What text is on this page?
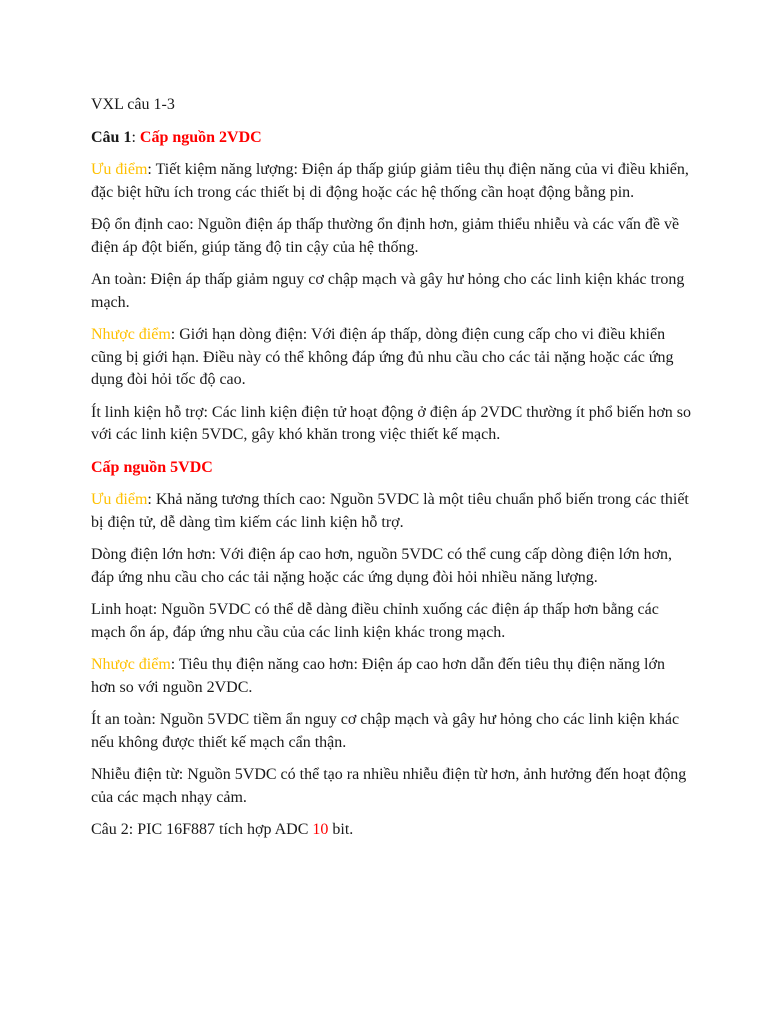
VXL câu 1-3

Câu 1: Cấp nguồn 2VDC

Ưu điểm: Tiết kiệm năng lượng: Điện áp thấp giúp giảm tiêu thụ điện năng của vi điều khiển, đặc biệt hữu ích trong các thiết bị di động hoặc các hệ thống cần hoạt động bằng pin.

Độ ổn định cao: Nguồn điện áp thấp thường ổn định hơn, giảm thiểu nhiễu và các vấn đề về điện áp đột biến, giúp tăng độ tin cậy của hệ thống.

An toàn: Điện áp thấp giảm nguy cơ chập mạch và gây hư hỏng cho các linh kiện khác trong mạch.

Nhược điểm: Giới hạn dòng điện: Với điện áp thấp, dòng điện cung cấp cho vi điều khiển cũng bị giới hạn. Điều này có thể không đáp ứng đủ nhu cầu cho các tải nặng hoặc các ứng dụng đòi hỏi tốc độ cao.

Ít linh kiện hỗ trợ: Các linh kiện điện tử hoạt động ở điện áp 2VDC thường ít phổ biến hơn so với các linh kiện 5VDC, gây khó khăn trong việc thiết kế mạch.

Cấp nguồn 5VDC

Ưu điểm: Khả năng tương thích cao: Nguồn 5VDC là một tiêu chuẩn phổ biến trong các thiết bị điện tử, dễ dàng tìm kiếm các linh kiện hỗ trợ.

Dòng điện lớn hơn: Với điện áp cao hơn, nguồn 5VDC có thể cung cấp dòng điện lớn hơn, đáp ứng nhu cầu cho các tải nặng hoặc các ứng dụng đòi hỏi nhiều năng lượng.

Linh hoạt: Nguồn 5VDC có thể dễ dàng điều chỉnh xuống các điện áp thấp hơn bằng các mạch ổn áp, đáp ứng nhu cầu của các linh kiện khác trong mạch.

Nhược điểm: Tiêu thụ điện năng cao hơn: Điện áp cao hơn dẫn đến tiêu thụ điện năng lớn hơn so với nguồn 2VDC.

Ít an toàn: Nguồn 5VDC tiềm ẩn nguy cơ chập mạch và gây hư hỏng cho các linh kiện khác nếu không được thiết kế mạch cẩn thận.

Nhiễu điện từ: Nguồn 5VDC có thể tạo ra nhiều nhiễu điện từ hơn, ảnh hưởng đến hoạt động của các mạch nhạy cảm.

Câu 2: PIC 16F887 tích hợp ADC 10 bit.
